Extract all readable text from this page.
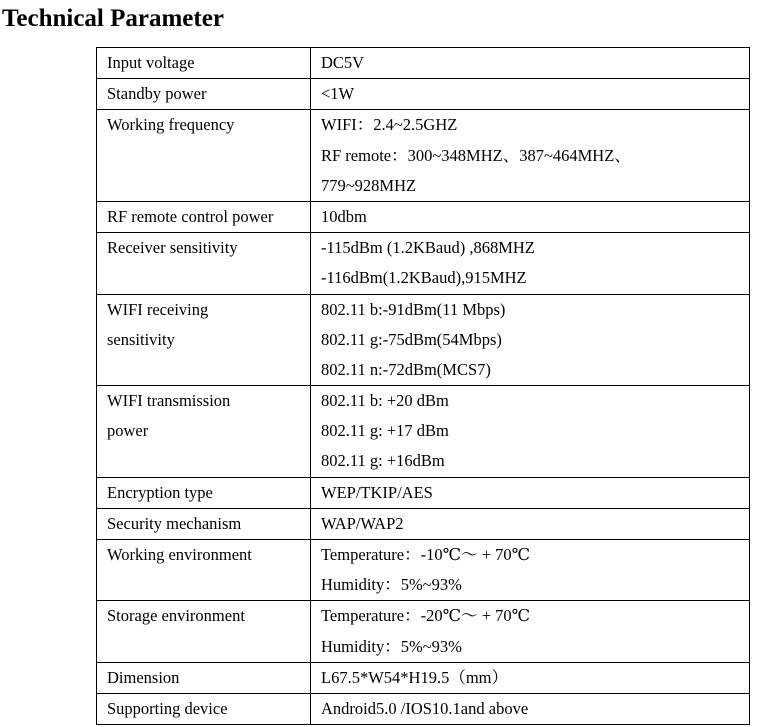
Technical Parameter
Input voltage	DC5V

Standby power	<1W

Working frequency	WIFI：2.4~2.5GHZ
RF remote：300~348MHZ、387~464MHZ、
779~928MHZ

RF remote control power	10dbm

Receiver sensitivity	-115dBm (1.2KBaud) ,868MHZ
-116dBm(1.2KBaud),915MHZ

WIFI receiving
sensitivity	802.11 b:-91dBm(11 Mbps)
802.11 g:-75dBm(54Mbps)
802.11 n:-72dBm(MCS7)

WIFI transmission
power	802.11 b: +20 dBm
802.11 g: +17 dBm
802.11 g: +16dBm

Encryption type	WEP/TKIP/AES

Security mechanism	WAP/WAP2

Working environment	Temperature：-10℃～ + 70℃
Humidity：5%~93%

Storage environment	Temperature：-20℃～ + 70℃
Humidity：5%~93%

Dimension	L67.5*W54*H19.5（mm）

Supporting device	Android5.0 /IOS10.1and above
